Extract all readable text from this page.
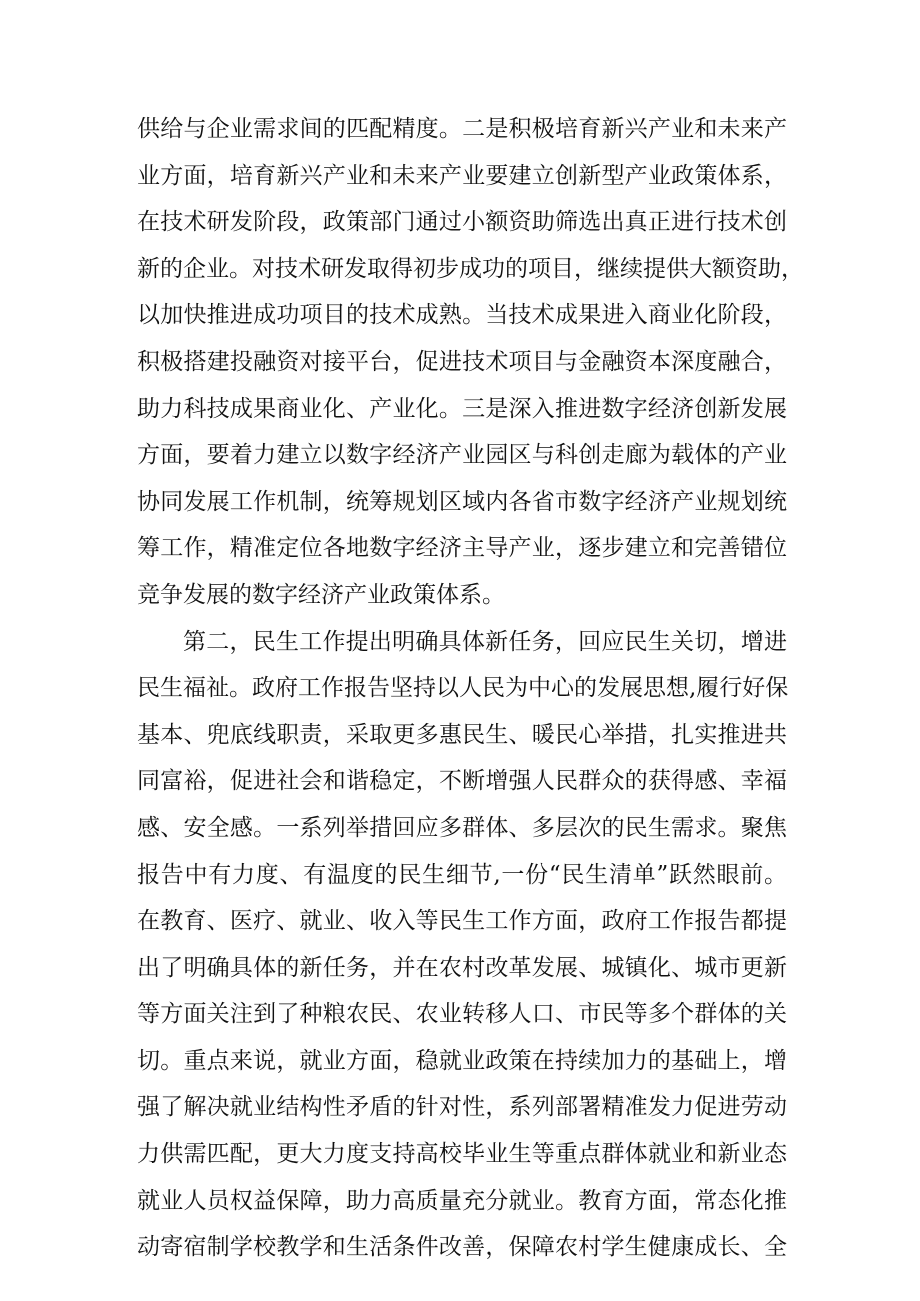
供给与企业需求间的匹配精度。二是积极培育新兴产业和未来产
业方面，培育新兴产业和未来产业要建立创新型产业政策体系，
在技术研发阶段，政策部门通过小额资助筛选出真正进行技术创
新的企业。对技术研发取得初步成功的项目，继续提供大额资助，
以加快推进成功项目的技术成熟。当技术成果进入商业化阶段，
积极搭建投融资对接平台，促进技术项目与金融资本深度融合，
助力科技成果商业化、产业化。三是深入推进数字经济创新发展
方面，要着力建立以数字经济产业园区与科创走廊为载体的产业
协同发展工作机制，统筹规划区域内各省市数字经济产业规划统
筹工作，精准定位各地数字经济主导产业，逐步建立和完善错位
竞争发展的数字经济产业政策体系。
第二，民生工作提出明确具体新任务，回应民生关切，增进
民生福祉。政府工作报告坚持以人民为中心的发展思想,履行好保
基本、兜底线职责，采取更多惠民生、暖民心举措，扎实推进共
同富裕，促进社会和谐稳定，不断增强人民群众的获得感、幸福
感、安全感。一系列举措回应多群体、多层次的民生需求。聚焦
报告中有力度、有温度的民生细节,一份“民生清单”跃然眼前。
在教育、医疗、就业、收入等民生工作方面，政府工作报告都提
出了明确具体的新任务，并在农村改革发展、城镇化、城市更新
等方面关注到了种粮农民、农业转移人口、市民等多个群体的关
切。重点来说，就业方面，稳就业政策在持续加力的基础上，增
强了解决就业结构性矛盾的针对性，系列部署精准发力促进劳动
力供需匹配，更大力度支持高校毕业生等重点群体就业和新业态
就业人员权益保障，助力高质量充分就业。教育方面，常态化推
动寄宿制学校教学和生活条件改善，保障农村学生健康成长、全
